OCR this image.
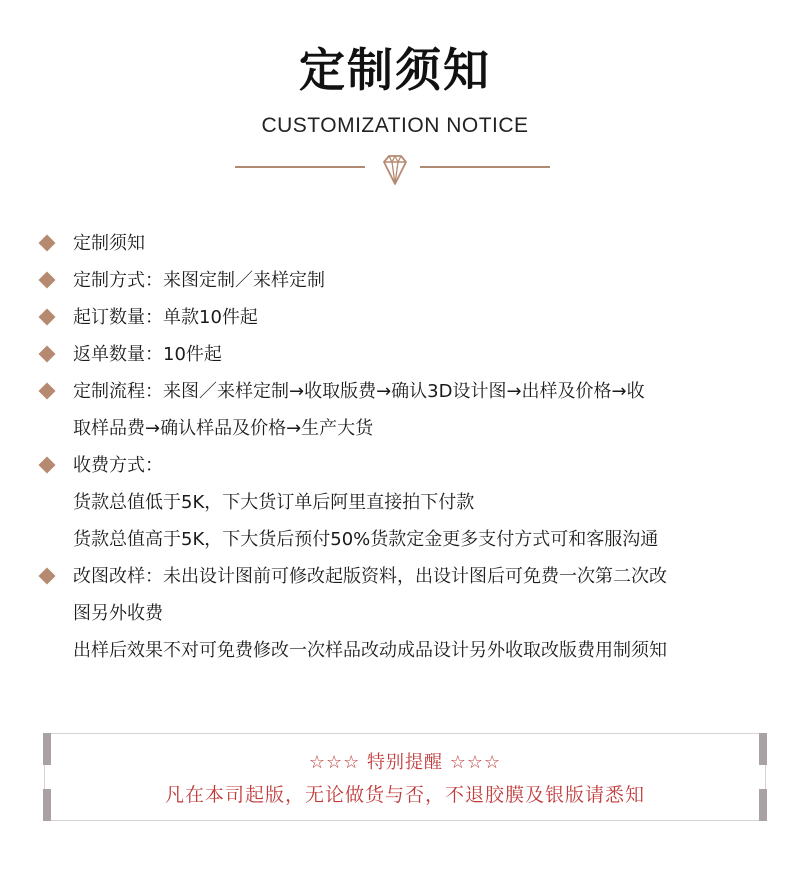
定制须知
CUSTOMIZATION NOTICE
定制须知
定制方式：来图定制／来样定制
起订数量：单款10件起
返单数量：10件起
定制流程：来图／来样定制→收取版费→确认3D设计图→出样及价格→收
取样品费→确认样品及价格→生产大货
收费方式：
货款总值低于5K，下大货订单后阿里直接拍下付款
货款总值高于5K，下大货后预付50%货款定金更多支付方式可和客服沟通
改图改样：未出设计图前可修改起版资料，出设计图后可免费一次第二次改
图另外收费
出样后效果不对可免费修改一次样品改动成品设计另外收取改版费用制须知
☆☆☆ 特别提醒 ☆☆☆
凡在本司起版，无论做货与否，不退胶膜及银版请悉知
